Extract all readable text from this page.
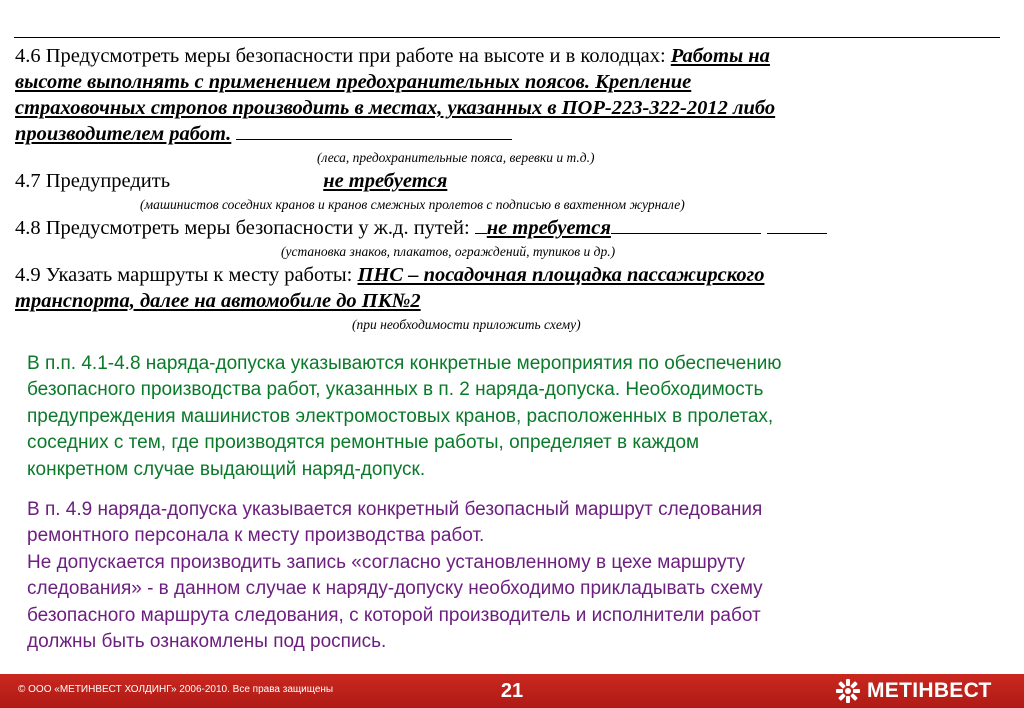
4.6 Предусмотреть меры безопасности при работе на высоте и в колодцах: Работы на
высоте выполнять с применением предохранительных поясов. Крепление
страховочных стропов производить в местах, указанных в ПОР-223-322-2012 либо
производителем работ.
(леса, предохранительные пояса, веревки и т.д.)
4.7 Предупредить	не требуется
(машинистов соседних кранов и кранов смежных пролетов с подписью в вахтенном журнале)
4.8 Предусмотреть меры безопасности у ж.д. путей: не требуется
(установка знаков, плакатов, ограждений, тупиков и др.)
4.9 Указать маршруты к месту работы: ПНС – посадочная площадка пассажирского
транспорта, далее на автомобиле до ПК№2
(при необходимости приложить схему)

В п.п. 4.1-4.8 наряда-допуска указываются конкретные мероприятия по обеспечению

безопасного производства работ, указанных в п. 2 наряда-допуска. Необходимость

предупреждения машинистов электромостовых кранов, расположенных в пролетах,

соседних с тем, где производятся ремонтные работы, определяет в каждом

конкретном случае выдающий наряд-допуск.

В п. 4.9 наряда-допуска указывается конкретный безопасный маршрут следования

ремонтного персонала к месту производства работ.

Не допускается производить запись «согласно установленному в цехе маршруту

следования» - в данном случае к наряду-допуску необходимо прикладывать схему

безопасного маршрута следования, с которой производитель и исполнители работ

должны быть ознакомлены под роспись.

© ООО «МЕТИНВЕСТ ХОЛДИНГ» 2006-2010. Все права защищены	21	МЕТІНВЕСТ
